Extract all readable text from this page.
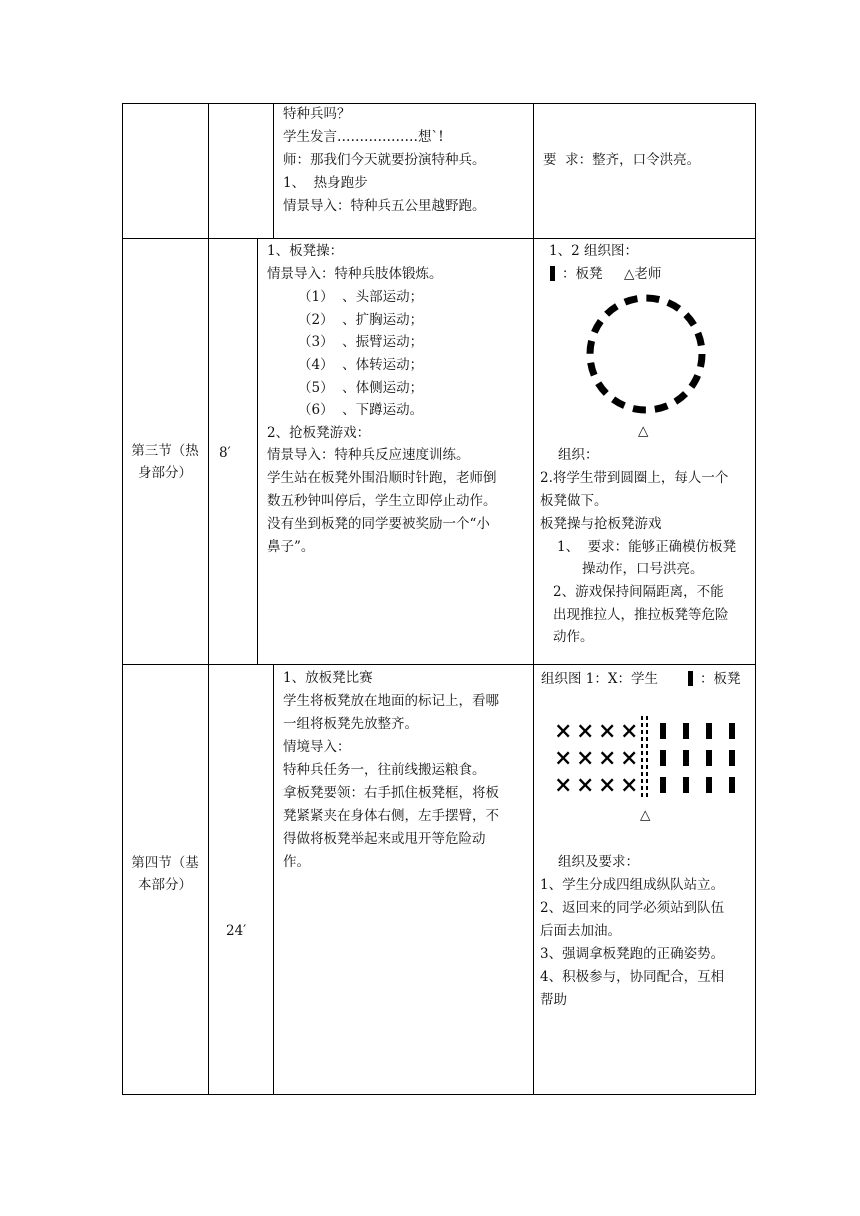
特种兵吗？
学生发言………………想`!
师：那我们今天就要扮演特种兵。
1、  热身跑步
情景导入：特种兵五公里越野跑。
要  求：整齐，口令洪亮。
第三节（热身部分）
8′
1、板凳操：
情景导入：特种兵肢体锻炼。
（1）  、头部运动；
（2）  、扩胸运动；
（3）  、振臂运动；
（4）  、体转运动；
（5）  、体侧运动；
（6）  、下蹲运动。
2、抢板凳游戏：
情景导入：特种兵反应速度训练。
学生站在板凳外围沿顺时针跑，老师倒
数五秒钟叫停后，学生立即停止动作。
没有坐到板凳的同学要被奖励一个“小
鼻子”。
1、2 组织图：
：板凳 △老师
△
组织：
2.将学生带到圆圈上，每人一个
板凳做下。
板凳操与抢板凳游戏
1、  要求：能够正确模仿板凳
操动作，口号洪亮。
2、游戏保持间隔距离，不能
出现推拉人，推拉板凳等危险
动作。
第四节（基本部分）
24′
1、放板凳比赛
学生将板凳放在地面的标记上，看哪
一组将板凳先放整齐。
情境导入：
特种兵任务一，往前线搬运粮食。
拿板凳要领：右手抓住板凳框，将板
凳紧紧夹在身体右侧，左手摆臂，不
得做将板凳举起来或甩开等危险动
作。
组织图 1：X：学生	：板凳
× × × ×
× × × ×
× × × ×
△
组织及要求：
1、学生分成四组成纵队站立。
2、返回来的同学必须站到队伍
后面去加油。
3、强调拿板凳跑的正确姿势。
4、积极参与，协同配合，互相
帮助
